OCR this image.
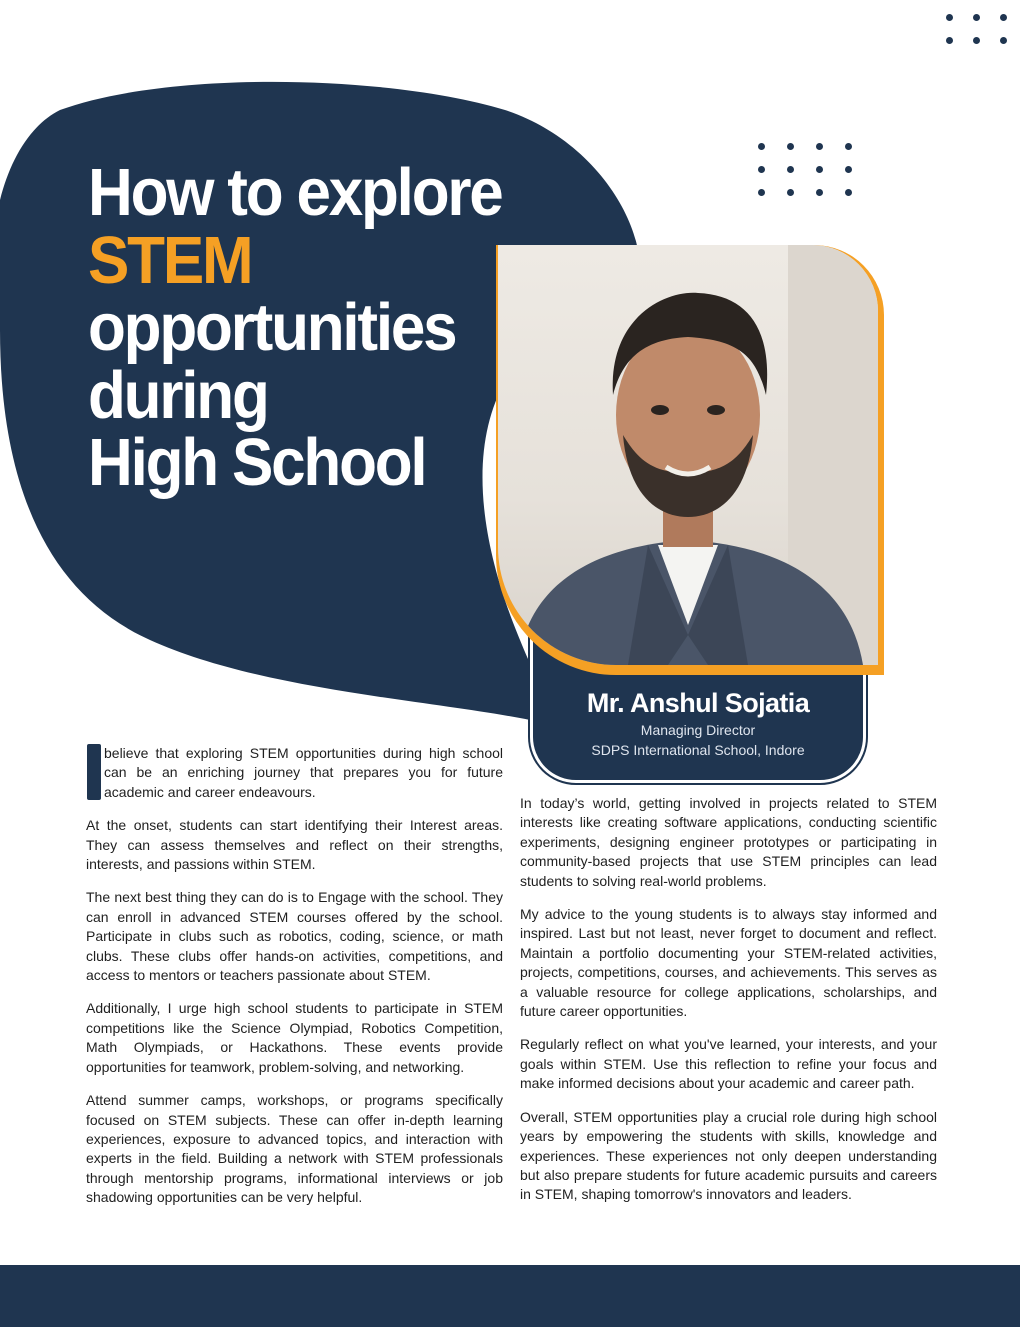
How to explore
STEM
opportunities
during
High School
Mr. Anshul Sojatia
Managing Director
SDPS International School, Indore

believe that exploring STEM opportunities during high school can be an enriching journey that prepares you for future academic and career endeavours.

At the onset, students can start identifying their Interest areas. They can assess themselves and reflect on their strengths, interests, and passions within STEM.

The next best thing they can do is to Engage with the school. They can enroll in advanced STEM courses offered by the school. Participate in clubs such as robotics, coding, science, or math clubs. These clubs offer hands-on activities, competitions, and access to mentors or teachers passionate about STEM.

Additionally, I urge high school students to participate in STEM competitions like the Science Olympiad, Robotics Competition, Math Olympiads, or Hackathons. These events provide opportunities for teamwork, problem-solving, and networking.

Attend summer camps, workshops, or programs specifically focused on STEM subjects. These can offer in-depth learning experiences, exposure to advanced topics, and interaction with experts in the field. Building a network with STEM professionals through mentorship programs, informational interviews or job shadowing opportunities can be very helpful.

In today’s world, getting involved in projects related to STEM interests like creating software applications, conducting scientific experiments, designing engineer prototypes or participating in community-based projects that use STEM principles can lead students to solving real-world problems.

My advice to the young students is to always stay informed and inspired. Last but not least, never forget to document and reflect. Maintain a portfolio documenting your STEM-related activities, projects, competitions, courses, and achievements. This serves as a valuable resource for college applications, scholarships, and future career opportunities.

Regularly reflect on what you've learned, your interests, and your goals within STEM. Use this reflection to refine your focus and make informed decisions about your academic and career path.

Overall, STEM opportunities play a crucial role during high school years by empowering the students with skills, knowledge and experiences. These experiences not only deepen understanding but also prepare students for future academic pursuits and careers in STEM, shaping tomorrow's innovators and leaders.
